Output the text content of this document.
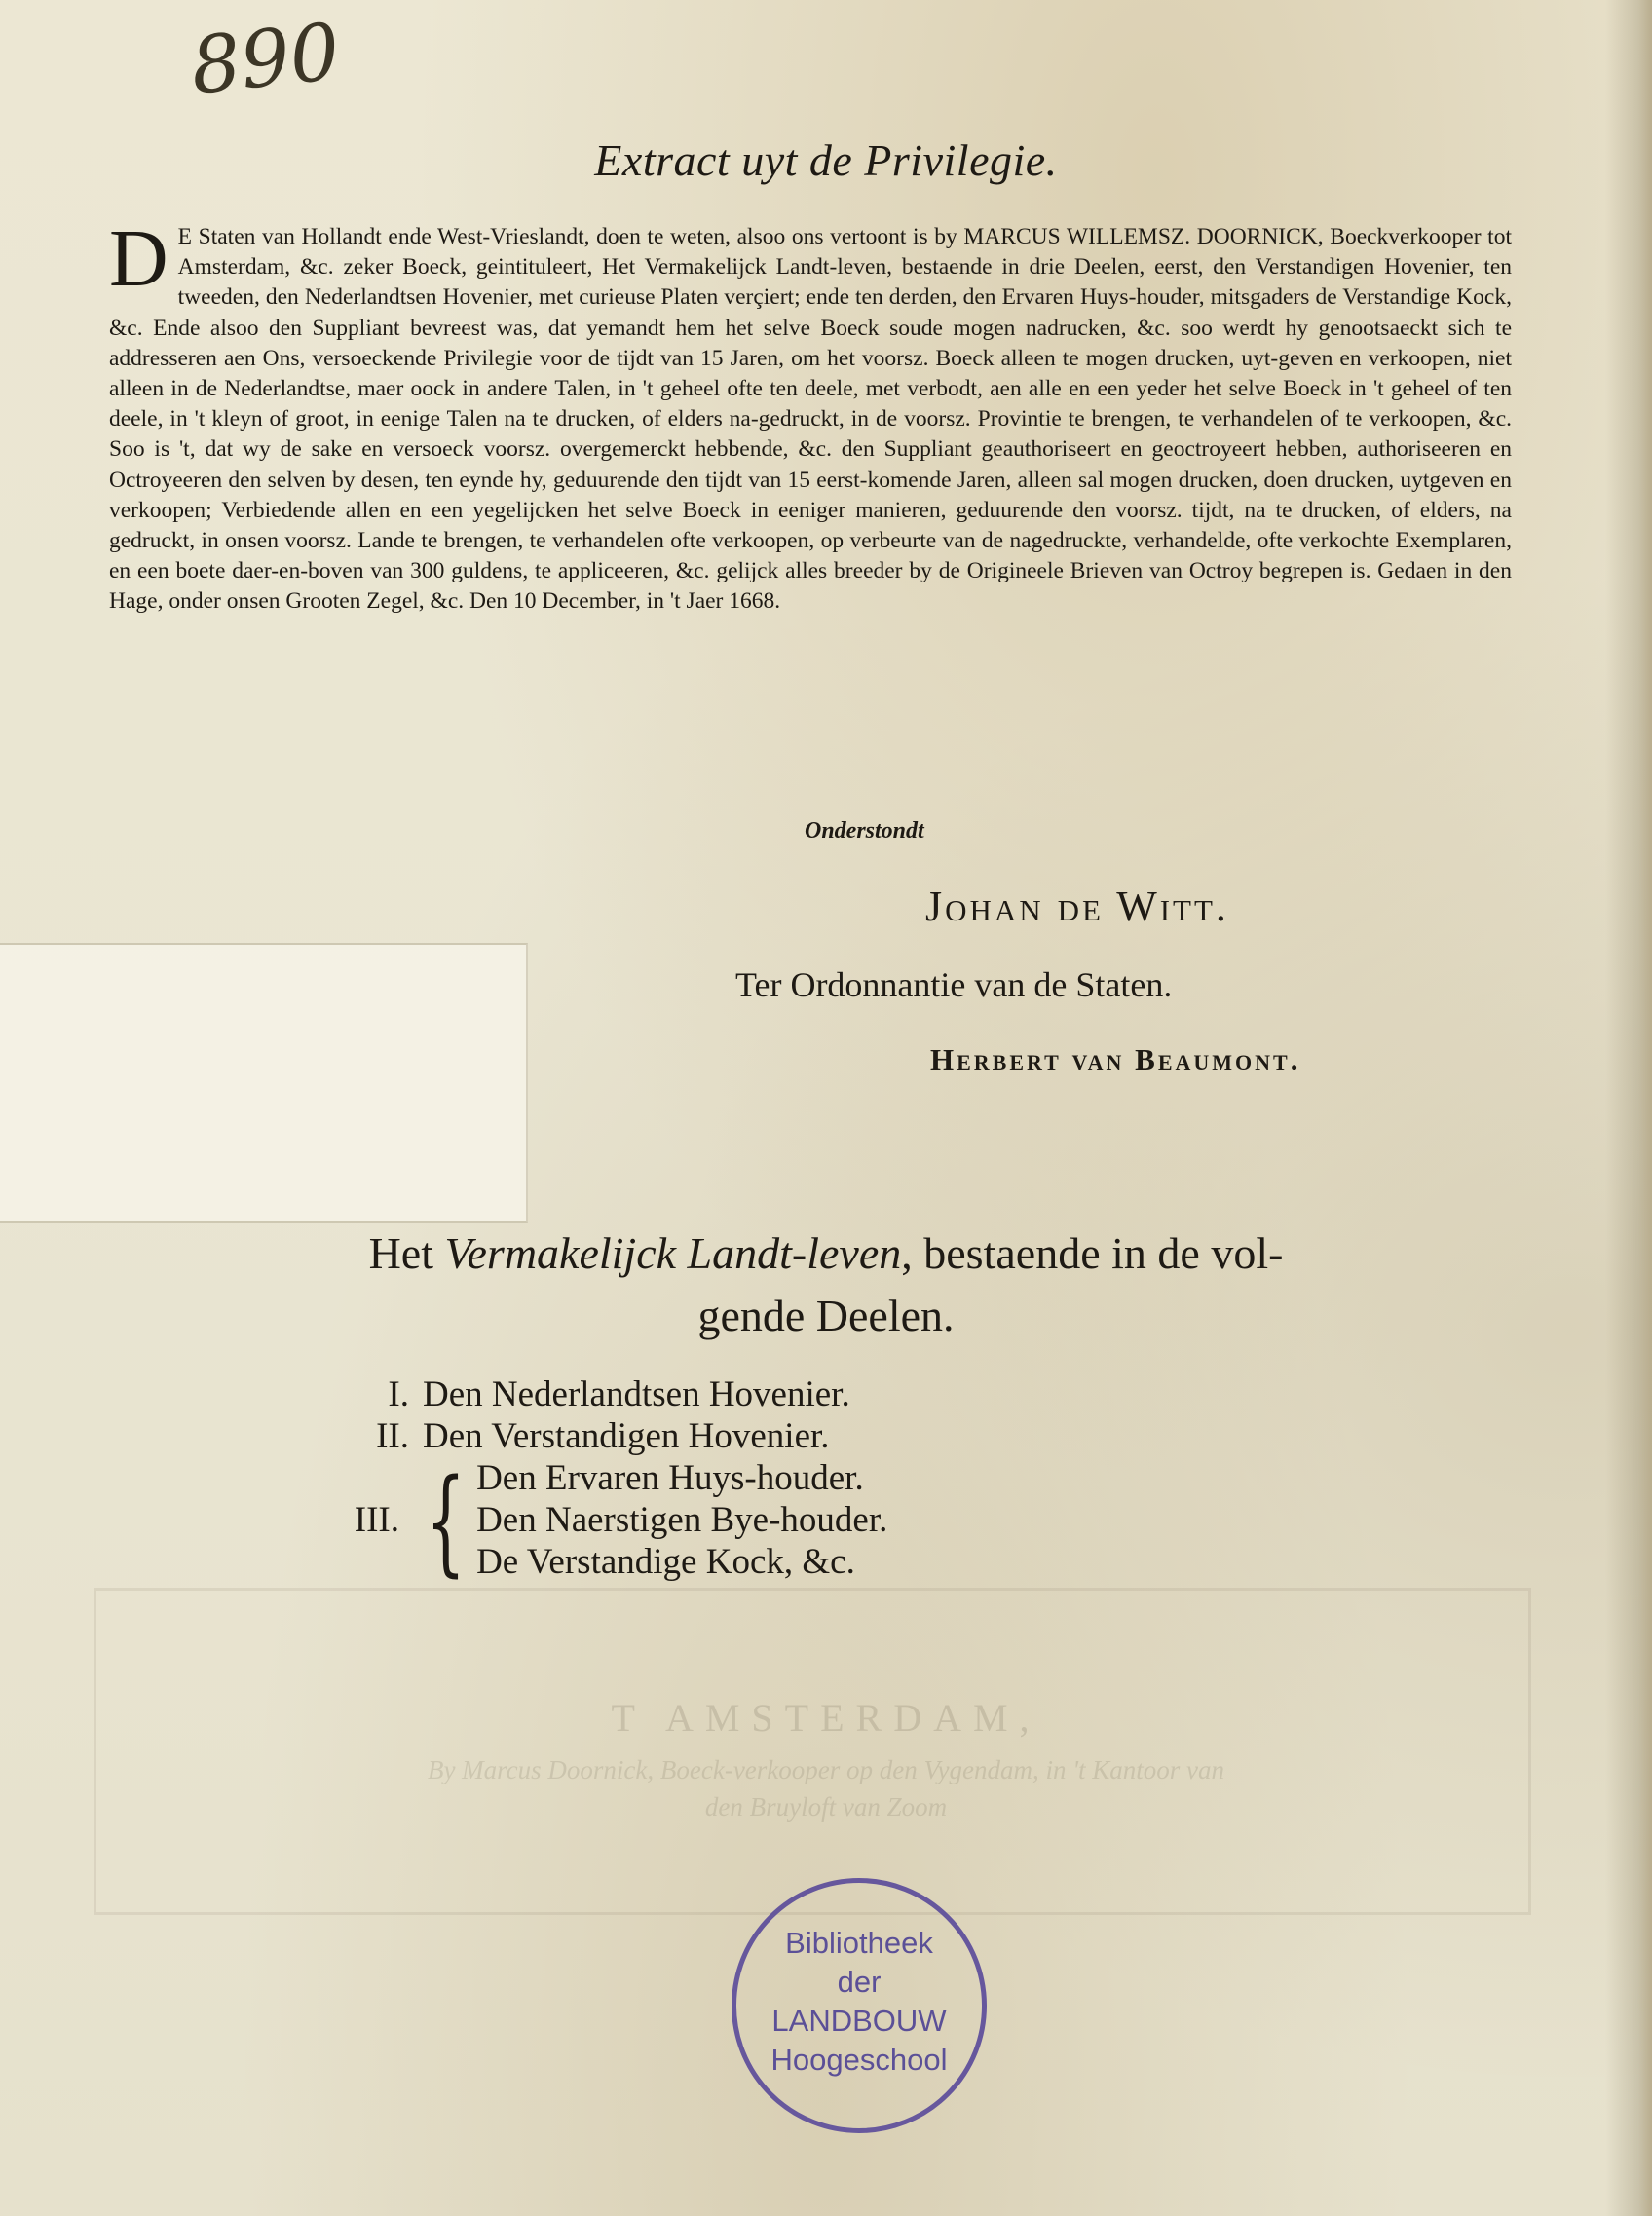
T AMSTERDAM,
By Marcus Doornick, Boeck-verkooper op den Vygendam, in 't Kantoor van
den Bruyloft van Zoom
890
Extract uyt de Privilegie.
D E Staten van Hollandt ende West-Vrieslandt, doen te weten, alsoo ons vertoont is by MARCUS WILLEMSZ. DOORNICK, Boeckverkooper tot Amsterdam, &c. zeker Boeck, geintituleert, Het Vermakelijck Landt-leven, bestaende in drie Deelen, eerst, den Verstandigen Hovenier, ten tweeden, den Nederlandtsen Hovenier, met curieuse Platen verçiert; ende ten derden, den Ervaren Huys-houder, mitsgaders de Verstandige Kock, &c. Ende alsoo den Suppliant bevreest was, dat yemandt hem het selve Boeck soude mogen nadrucken, &c. soo werdt hy genootsaeckt sich te addresseren aen Ons, versoeckende Privilegie voor de tijdt van 15 Jaren, om het voorsz. Boeck alleen te mogen drucken, uyt-geven en verkoopen, niet alleen in de Nederlandtse, maer oock in andere Talen, in 't geheel ofte ten deele, met verbodt, aen alle en een yeder het selve Boeck in 't geheel of ten deele, in 't kleyn of groot, in eenige Talen na te drucken, of elders na-gedruckt, in de voorsz. Provintie te brengen, te verhandelen of te verkoopen, &c. Soo is 't, dat wy de sake en versoeck voorsz. overgemerckt hebbende, &c. den Suppliant geauthoriseert en geoctroyeert hebben, authoriseeren en Octroyeeren den selven by desen, ten eynde hy, geduurende den tijdt van 15 eerst-komende Jaren, alleen sal mogen drucken, doen drucken, uytgeven en verkoopen; Verbiedende allen en een yegelijcken het selve Boeck in eeniger manieren, geduurende den voorsz. tijdt, na te drucken, of elders, na gedruckt, in onsen voorsz. Lande te brengen, te verhandelen ofte verkoopen, op verbeurte van de nagedruckte, verhandelde, ofte verkochte Exemplaren, en een boete daer-en-boven van 300 guldens, te appliceeren, &c. gelijck alles breeder by de Origineele Brieven van Octroy begrepen is. Gedaen in den Hage, onder onsen Grooten Zegel, &c. Den 10 December, in 't Jaer 1668.

Onderstondt
Johan de Witt.
Ter Ordonnantie van de Staten.
Herbert van Beaumont.
Het Vermakelijck Landt-leven, bestaende in de vol-
gende Deelen.
I. Den Nederlandtsen Hovenier.
II. Den Verstandigen Hovenier.
III. { Den Ervaren Huys-houder.
Den Naerstigen Bye-houder.
De Verstandige Kock, &c.
Bibliotheek
der
LANDBOUW
Hoogeschool
